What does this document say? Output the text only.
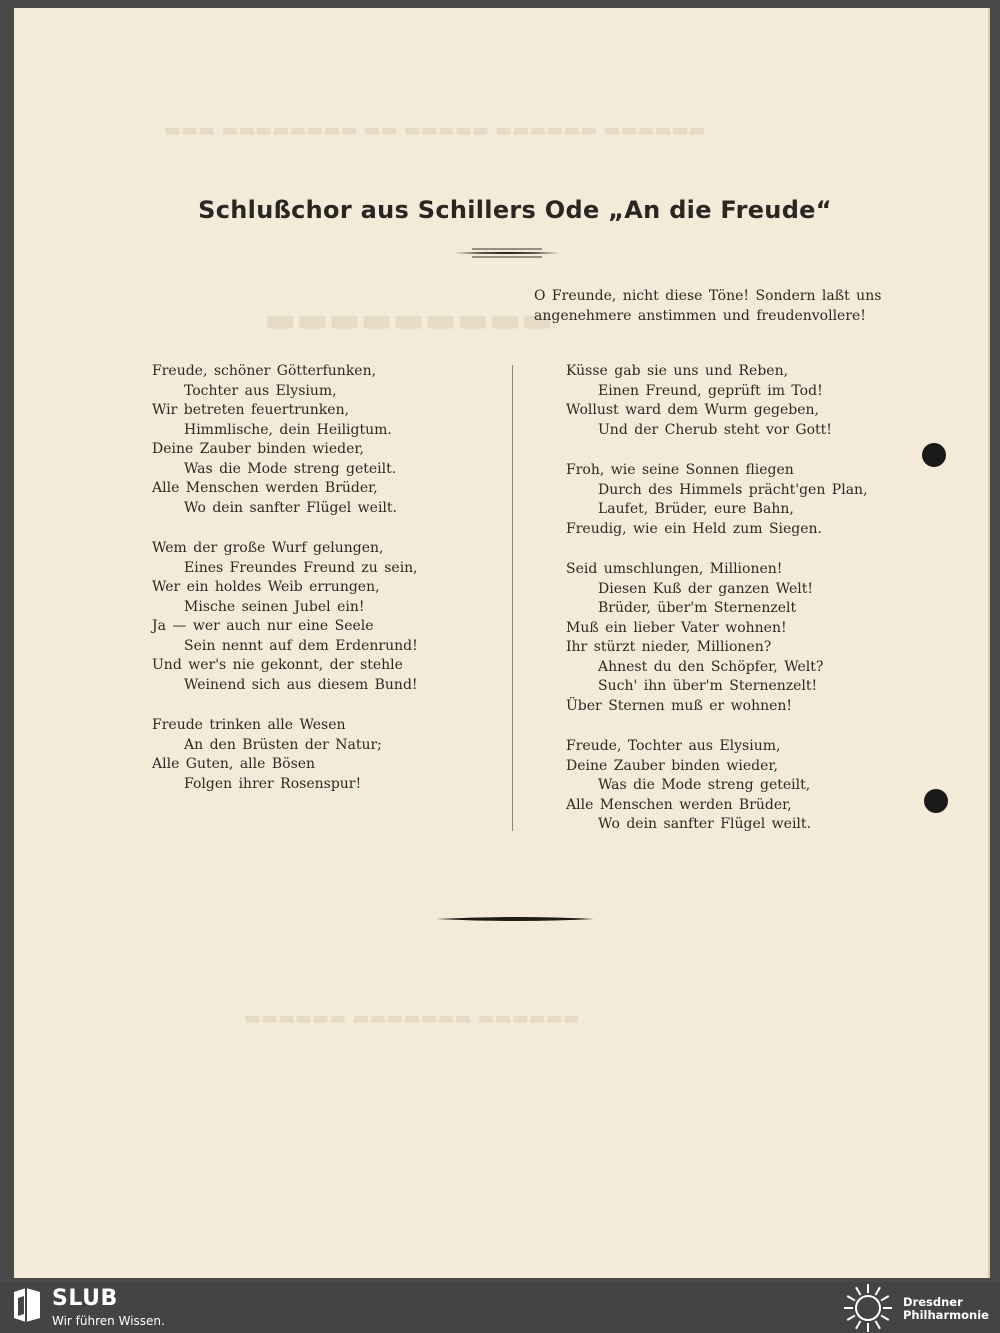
▬▬▬ ▬▬▬▬▬▬▬▬ ▬▬ ▬▬▬▬▬ ▬▬▬▬▬▬ ▬▬▬▬▬▬
▬▬▬▬▬▬▬▬▬
▬▬▬▬▬▬ ▬▬▬▬▬▬▬ ▬▬▬▬▬▬
Schlußchor aus Schillers Ode „An die Freude“
O Freunde, nicht diese Töne! Sondern laßt uns angenehmere anstimmen und freudenvollere!
Freude, schöner Götterfunken,
Tochter aus Elysium,
Wir betreten feuertrunken,
Himmlische, dein Heiligtum.
Deine Zauber binden wieder,
Was die Mode streng geteilt.
Alle Menschen werden Brüder,
Wo dein sanfter Flügel weilt.
Wem der große Wurf gelungen,
Eines Freundes Freund zu sein,
Wer ein holdes Weib errungen,
Mische seinen Jubel ein!
Ja — wer auch nur eine Seele
Sein nennt auf dem Erdenrund!
Und wer's nie gekonnt, der stehle
Weinend sich aus diesem Bund!
Freude trinken alle Wesen
An den Brüsten der Natur;
Alle Guten, alle Bösen
Folgen ihrer Rosenspur!
Küsse gab sie uns und Reben,
Einen Freund, geprüft im Tod!
Wollust ward dem Wurm gegeben,
Und der Cherub steht vor Gott!
Froh, wie seine Sonnen fliegen
Durch des Himmels prächt'gen Plan,
Laufet, Brüder, eure Bahn,
Freudig, wie ein Held zum Siegen.
Seid umschlungen, Millionen!
Diesen Kuß der ganzen Welt!
Brüder, über'm Sternenzelt
Muß ein lieber Vater wohnen!
Ihr stürzt nieder, Millionen?
Ahnest du den Schöpfer, Welt?
Such' ihn über'm Sternenzelt!
Über Sternen muß er wohnen!
Freude, Tochter aus Elysium,
Deine Zauber binden wieder,
Was die Mode streng geteilt,
Alle Menschen werden Brüder,
Wo dein sanfter Flügel weilt.
SLUB
Wir führen Wissen.
Dresdner
Philharmonie
